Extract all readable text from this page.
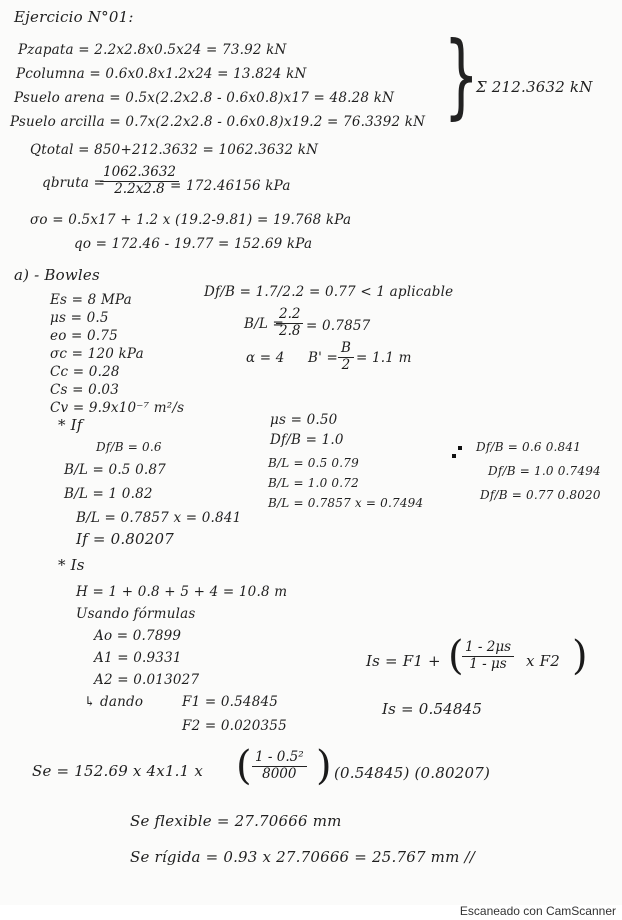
Ejercicio N°01:
Pzapata = 2.2x2.8x0.5x24 = 73.92 kN
Pcolumna = 0.6x0.8x1.2x24 = 13.824 kN
Psuelo arena = 0.5x(2.2x2.8 - 0.6x0.8)x17 = 48.28 kN
Psuelo arcilla = 0.7x(2.2x2.8 - 0.6x0.8)x19.2 = 76.3392 kN }
Σ 212.3632 kN
Qtotal = 850+212.3632 = 1062.3632 kN
qbruta =
$\frac{1062.3632}{2.2x2.8}$
= 172.46156 kPa
σo = 0.5x17 + 1.2 x (19.2-9.81) = 19.768 kPa
qo = 172.46 - 19.77 = 152.69 kPa
a) - Bowles
Es = 8 MPa
μs = 0.5
eo = 0.75
σc = 120 kPa
Cc = 0.28
Cs = 0.03
Cv = 9.9x10⁻⁷ m²/s
Df/B = 1.7/2.2 = 0.77 < 1 aplicable
B/L =
$\frac{2.2}{2.8} = 0.7857$
α = 4 $B' = \frac{B}{2} = 1.1$ m
* If
Df/B = 0.6
B/L = 0.5 0.87
B/L = 1 0.82
B/L = 0.7857 x = 0.841
μs = 0.50
Df/B = 1.0
B/L = 0.5 0.79
B/L = 1.0 0.72
B/L = 0.7857 x = 0.7494
Df/B = 0.6 0.841
Df/B = 1.0 0.7494
Df/B = 0.77 0.8020
If = 0.80207
* Is
H = 1 + 0.8 + 5 + 4 = 10.8 m
Usando fórmulas
Ao = 0.7899
A1 = 0.9331
A2 = 0.013027
↳ dando	F1 = 0.54845
F2 = 0.020355
Is = F1 + (
$\frac{1 - 2\mu s}{1 - \mu s}$ x F2 )
Is = 0.54845
Se = 152.69 x 4x1.1 x ( $\frac{\text{1 - 0.5²}}{8000}$ ) (0.54845) (0.80207)
Se flexible = 27.70666 mm
Se rígida = 0.93 x 27.70666 = 25.767 mm //
Escaneado con CamScanner
